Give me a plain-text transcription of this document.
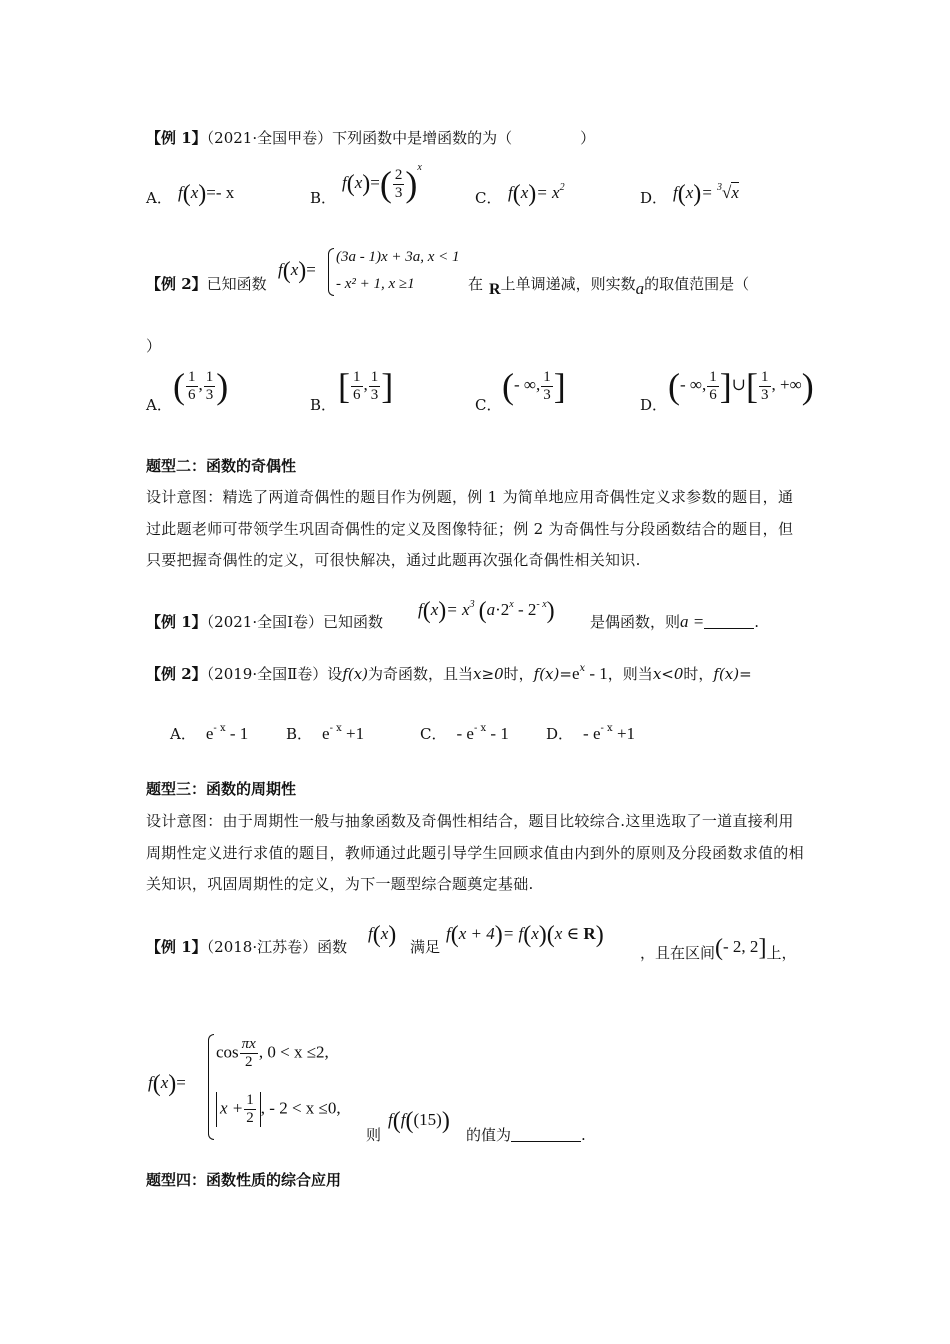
【例 1】（2021·全国甲卷）下列函数中是增函数的为（	）
A． f(x)=- x	B．
$f(x)=( \frac{2}{3} )^x$
C． $f(x)= x^2$
D． f(x)= $^3$√x
【例 2】已知函数
f(x)=
(3a - 1)x + 3a, x < 1
- x² + 1, x ≥1	在 R上单调递减，则实数a的取值范围是（
）
A． ( $\frac{1}{6}$ , $\frac{1}{3}$ )	B． [ $\frac{1}{6}$ , $\frac{1}{3}$ ]	C． (- ∞, $\frac{1}{3}$ ]	D． (- ∞, $\frac{1}{6}$ ]∪[ $\frac{1}{3}$ , +∞)
题型二：函数的奇偶性
设计意图：精选了两道奇偶性的题目作为例题，例 1 为简单地应用奇偶性定义求参数的题目，通过此题老师可带领学生巩固奇偶性的定义及图像特征；例 2 为奇偶性与分段函数结合的题目，但只要把握奇偶性的定义，可很快解决，通过此题再次强化奇偶性相关知识.
【例 1】（2021·全国Ⅰ卷）已知函数
$f(x)= x^3$ $(a\cdot 2^x - 2^{- x})$ 是偶函数，则a =	.
【例 2】（2019·全国Ⅱ卷）设f(x)为奇函数，且当x≥0时，$f(x)=e^x - 1$，则当x<0时，f(x)=
A． $e^{- x} - 1$	B． $e^{- x} +1$	C． - $e^{- x} - 1$ D． - $e^{- x} +1$
题型三：函数的周期性
设计意图：由于周期性一般与抽象函数及奇偶性相结合，题目比较综合.这里选取了一道直接利用周期性定义进行求值的题目，教师通过此题引导学生回顾求值由内到外的原则及分段函数求值的相关知识，巩固周期性的定义，为下一题型综合题奠定基础.
【例 1】（2018·江苏卷）函数
f(x) 满足
f(x + 4)= f(x)(x ∈ R)
，且在区间(- 2, 2]上，
f(x)=
$\cos \frac{\pi x}{2}$ , 0 < x ≤2,
$x + \frac{1}{2}$ , - 2 < x ≤0,
则
f(f((15))
的值为	.
题型四：函数性质的综合应用
